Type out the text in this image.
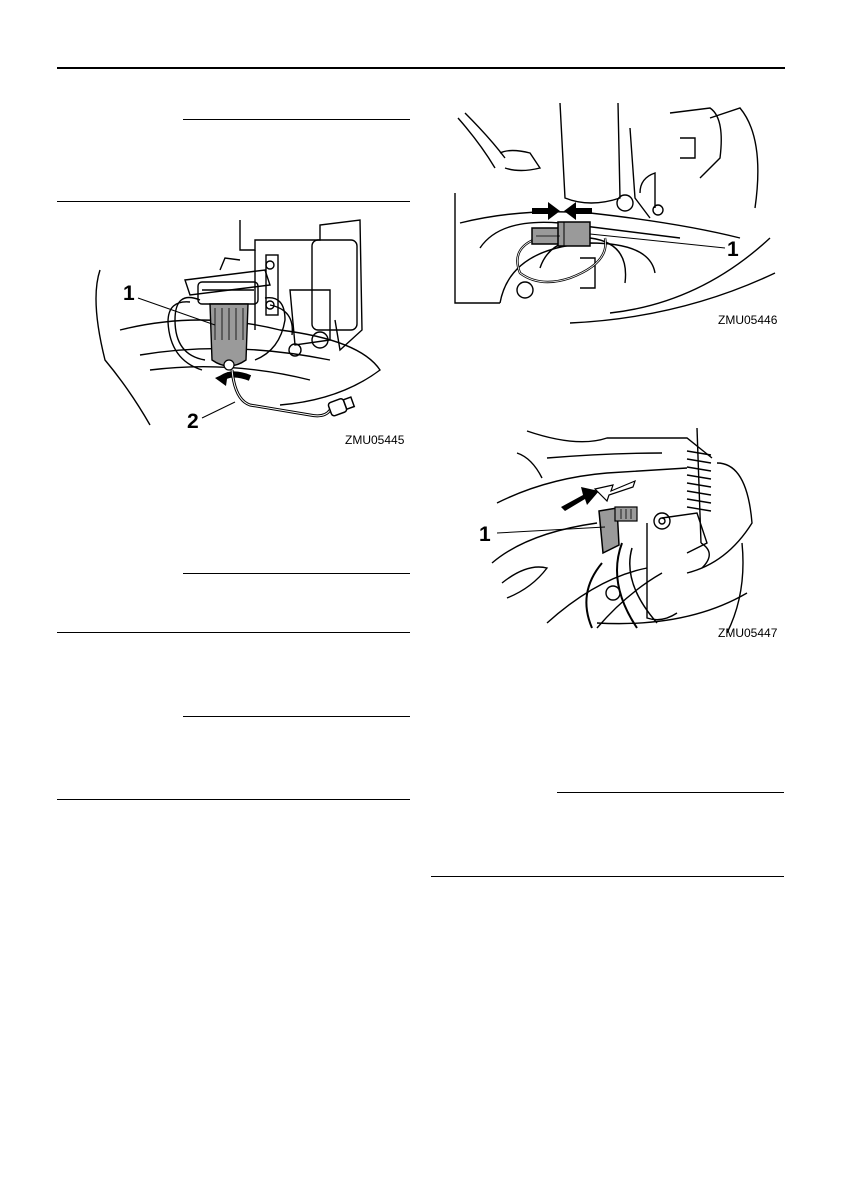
1
2
ZMU05445
1
ZMU05446
1
ZMU05447
